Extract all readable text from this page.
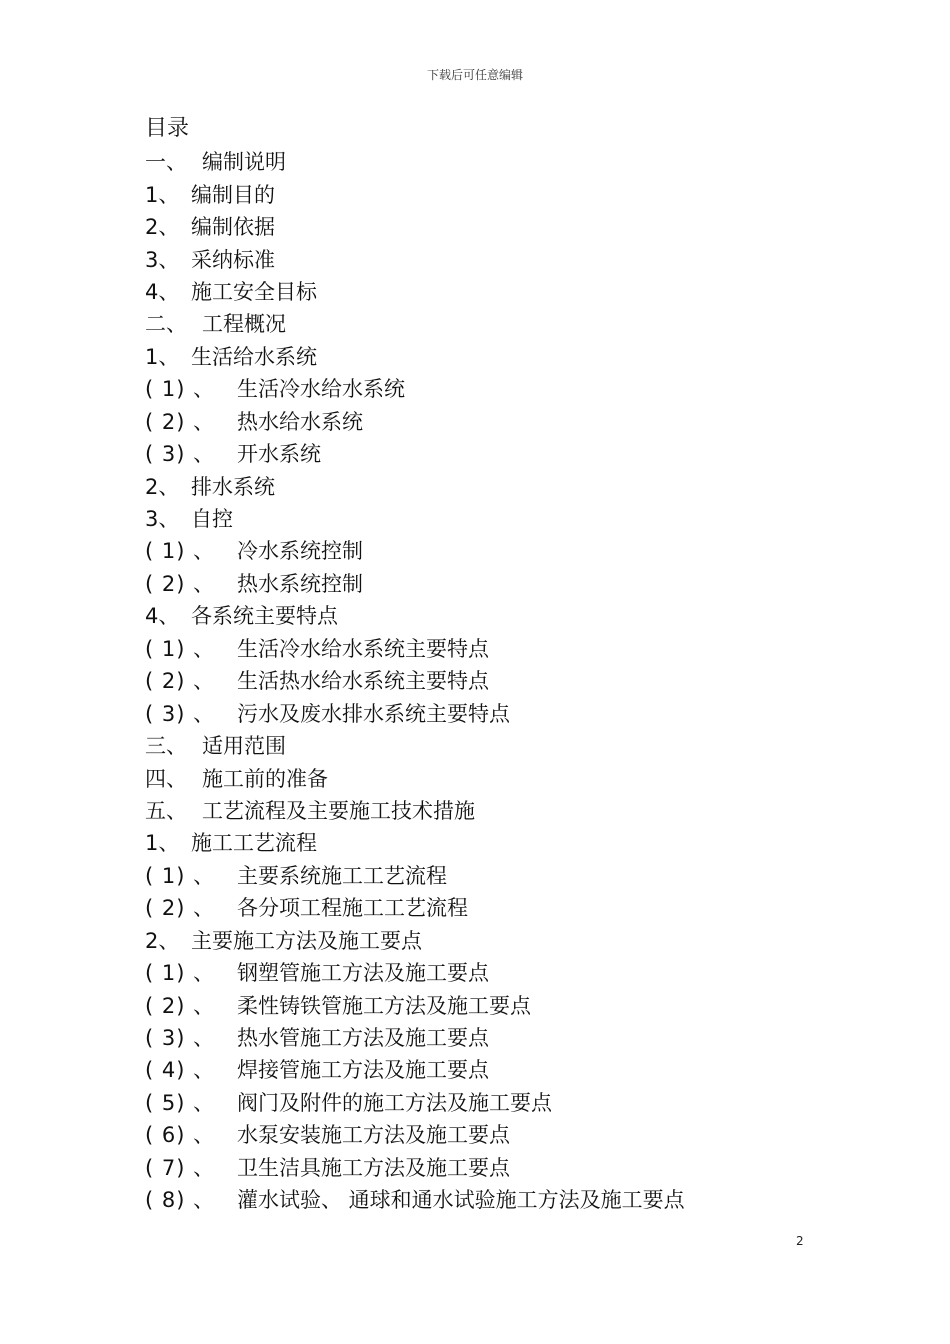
下载后可任意编辑
目录
一、 编制说明
1、 编制目的
2、 编制依据
3、 采纳标准
4、 施工安全目标
二、 工程概况
1、 生活给水系统
( 1) 、	生活冷水给水系统
( 2) 、	热水给水系统
( 3) 、	开水系统
2、 排水系统
3、 自控
( 1) 、	冷水系统控制
( 2) 、	热水系统控制
4、 各系统主要特点
( 1) 、	生活冷水给水系统主要特点
( 2) 、	生活热水给水系统主要特点
( 3) 、	污水及废水排水系统主要特点
三、 适用范围
四、 施工前的准备
五、 工艺流程及主要施工技术措施
1、 施工工艺流程
( 1) 、	主要系统施工工艺流程
( 2) 、	各分项工程施工工艺流程
2、 主要施工方法及施工要点
( 1) 、	钢塑管施工方法及施工要点
( 2) 、	柔性铸铁管施工方法及施工要点
( 3) 、	热水管施工方法及施工要点
( 4) 、	焊接管施工方法及施工要点
( 5) 、	阀门及附件的施工方法及施工要点
( 6) 、	水泵安装施工方法及施工要点
( 7) 、	卫生洁具施工方法及施工要点
( 8) 、	灌水试验、 通球和通水试验施工方法及施工要点
2
